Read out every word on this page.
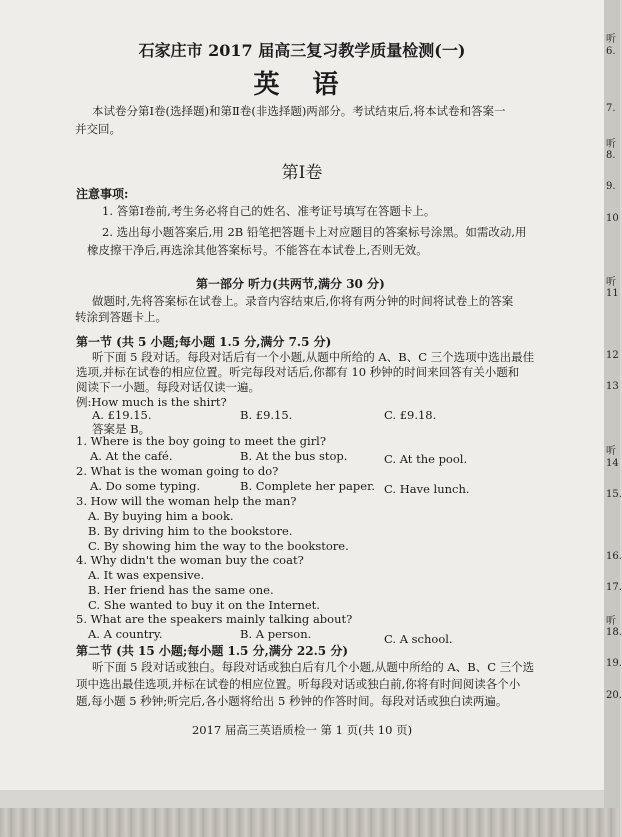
石家庄市 2017 届高三复习教学质量检测(一)
英 语
本试卷分第Ⅰ卷(选择题)和第Ⅱ卷(非选择题)两部分。考试结束后,将本试卷和答案一
并交回。
第Ⅰ卷
注意事项:
1. 答第Ⅰ卷前,考生务必将自己的姓名、准考证号填写在答题卡上。
2. 选出每小题答案后,用 2B 铅笔把答题卡上对应题目的答案标号涂黑。如需改动,用
橡皮擦干净后,再选涂其他答案标号。不能答在本试卷上,否则无效。
第一部分 听力(共两节,满分 30 分)
做题时,先将答案标在试卷上。录音内容结束后,你将有两分钟的时间将试卷上的答案
转涂到答题卡上。
第一节 (共 5 小题;每小题 1.5 分,满分 7.5 分)
听下面 5 段对话。每段对话后有一个小题,从题中所给的 A、B、C 三个选项中选出最佳
选项,并标在试卷的相应位置。听完每段对话后,你都有 10 秒钟的时间来回答有关小题和
阅读下一小题。每段对话仅读一遍。
例:How much is the shirt?
A. £19.15.	B. £9.15.	C. £9.18.
答案是 B。
1. Where is the boy going to meet the girl?
A. At the café.	B. At the bus stop.	C. At the pool.
2. What is the woman going to do?
A. Do some typing.	B. Complete her paper. C. Have lunch.
3. How will the woman help the man?
A. By buying him a book.
B. By driving him to the bookstore.
C. By showing him the way to the bookstore.
4. Why didn't the woman buy the coat?
A. It was expensive.
B. Her friend has the same one.
C. She wanted to buy it on the Internet.
5. What are the speakers mainly talking about?
A. A country.	B. A person.	C. A school.
第二节 (共 15 小题;每小题 1.5 分,满分 22.5 分)
听下面 5 段对话或独白。每段对话或独白后有几个小题,从题中所给的 A、B、C 三个选
项中选出最佳选项,并标在试卷的相应位置。听每段对话或独白前,你将有时间阅读各个小
题,每小题 5 秒钟;听完后,各小题将给出 5 秒钟的作答时间。每段对话或独白读两遍。
2017 届高三英语质检一 第 1 页(共 10 页)
听
6.
7.
听
8.
9.
10
听
11
12
13
听
14
15.
16.
17.
听
18.
19.
20.
